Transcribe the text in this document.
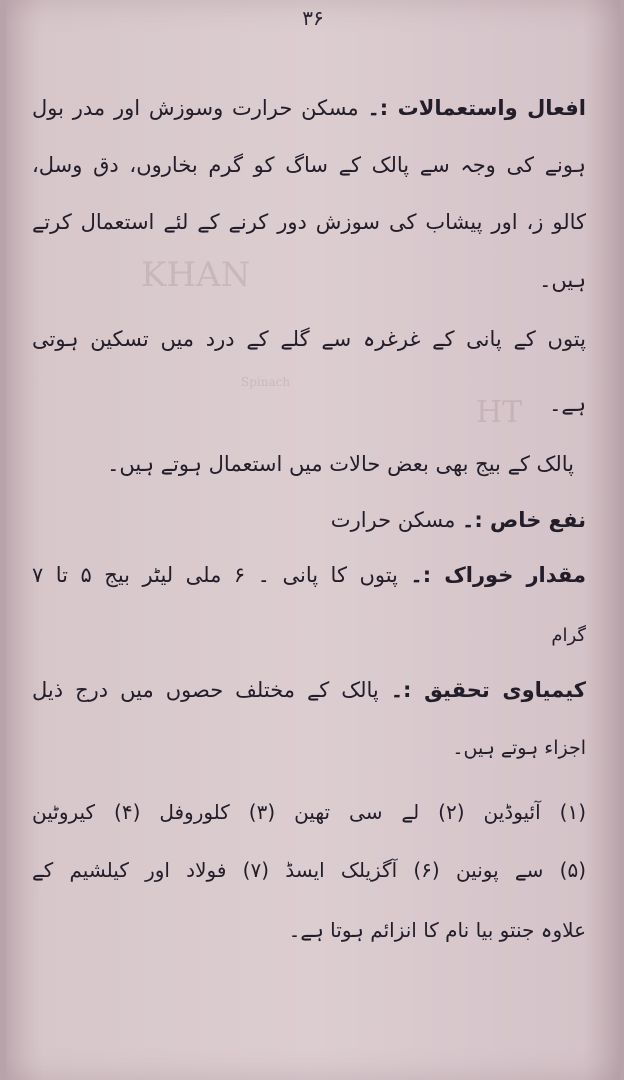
KHAN
Spinach
HT
۳۶
افعال واستعمالات :۔ مسکن حرارت وسوزش اور مدر بول
ہونے کی وجہ سے پالک کے ساگ کو گرم بخاروں، دق وسل،
کالو ز، اور پیشاب کی سوزش دور کرنے کے لئے استعمال کرتے
ہیں۔
پتوں کے پانی کے غرغرہ سے گلے کے درد میں تسکین ہوتی
ہے۔
پالک کے بیج بھی بعض حالات میں استعمال ہوتے ہیں۔
نفع خاص :۔ مسکن حرارت
مقدار خوراک :۔ پتوں کا پانی ۔ ۶ ملی لیٹر بیج ۵ تا ۷
گرام
کیمیاوی تحقیق :۔ پالک کے مختلف حصوں میں درج ذیل
اجزاء ہوتے ہیں۔
(۱) آئیوڈین (۲) لے سی تھین (۳) کلوروفل (۴) کیروٹین
(۵) سے پونین (۶) آگزیلک ایسڈ (۷) فولاد اور کیلشیم کے
علاوہ جنتو بیا نام کا انزائم ہوتا ہے۔
